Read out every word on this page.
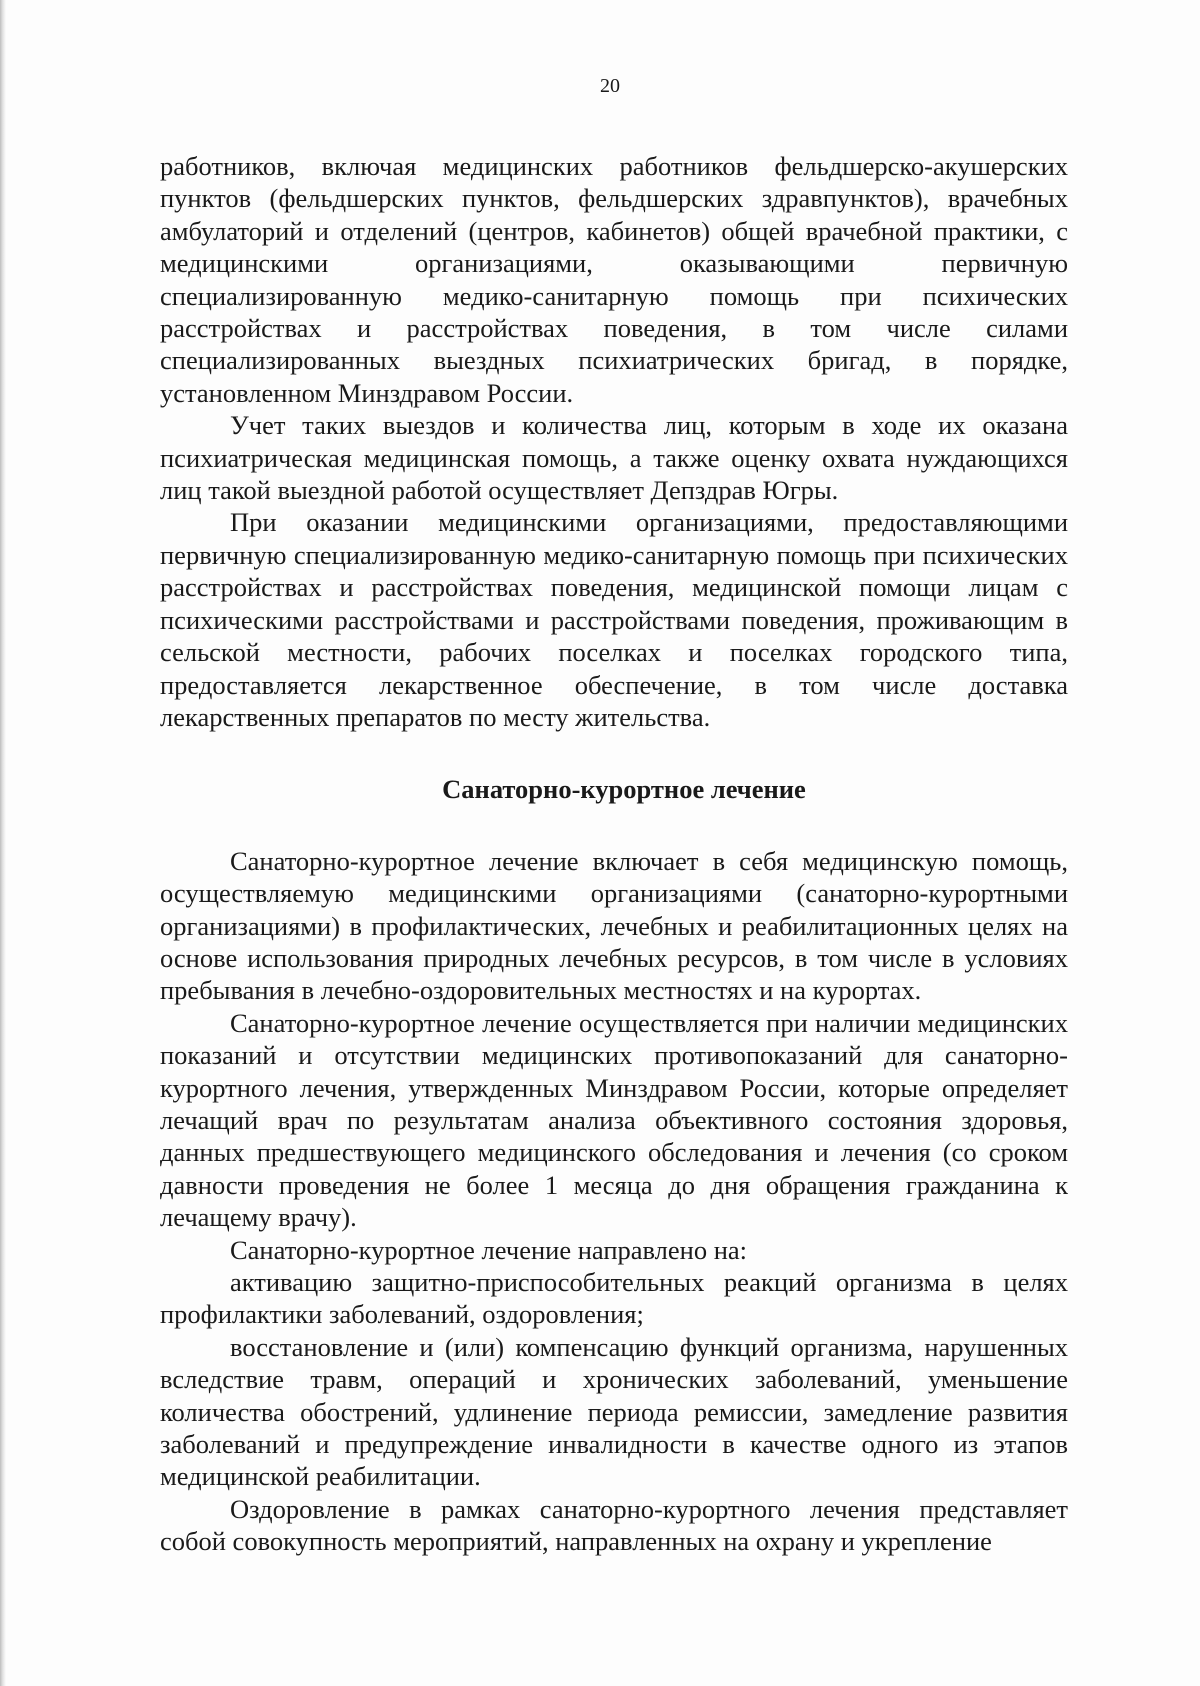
20

работников, включая медицинских работников фельдшерско-акушерских пунктов (фельдшерских пунктов, фельдшерских здравпунктов), врачебных амбулаторий и отделений (центров, кабинетов) общей врачебной практики, с медицинскими организациями, оказывающими первичную специализированную медико-санитарную помощь при психических расстройствах и расстройствах поведения, в том числе силами специализированных выездных психиатрических бригад, в порядке, установленном Минздравом России.

Учет таких выездов и количества лиц, которым в ходе их оказана психиатрическая медицинская помощь, а также оценку охвата нуждающихся лиц такой выездной работой осуществляет Депздрав Югры.

При оказании медицинскими организациями, предоставляющими первичную специализированную медико-санитарную помощь при психических расстройствах и расстройствах поведения, медицинской помощи лицам с психическими расстройствами и расстройствами поведения, проживающим в сельской местности, рабочих поселках и поселках городского типа, предоставляется лекарственное обеспечение, в том числе доставка лекарственных препаратов по месту жительства.

Санаторно-курортное лечение

Санаторно-курортное лечение включает в себя медицинскую помощь, осуществляемую медицинскими организациями (санаторно-курортными организациями) в профилактических, лечебных и реабилитационных целях на основе использования природных лечебных ресурсов, в том числе в условиях пребывания в лечебно-оздоровительных местностях и на курортах.

Санаторно-курортное лечение осуществляется при наличии медицинских показаний и отсутствии медицинских противопоказаний для санаторно-курортного лечения, утвержденных Минздравом России, которые определяет лечащий врач по результатам анализа объективного состояния здоровья, данных предшествующего медицинского обследования и лечения (со сроком давности проведения не более 1 месяца до дня обращения гражданина к лечащему врачу).

Санаторно-курортное лечение направлено на:

активацию защитно-приспособительных реакций организма в целях профилактики заболеваний, оздоровления;

восстановление и (или) компенсацию функций организма, нарушенных вследствие травм, операций и хронических заболеваний, уменьшение количества обострений, удлинение периода ремиссии, замедление развития заболеваний и предупреждение инвалидности в качестве одного из этапов медицинской реабилитации.

Оздоровление в рамках санаторно-курортного лечения представляет собой совокупность мероприятий, направленных на охрану и укрепление
